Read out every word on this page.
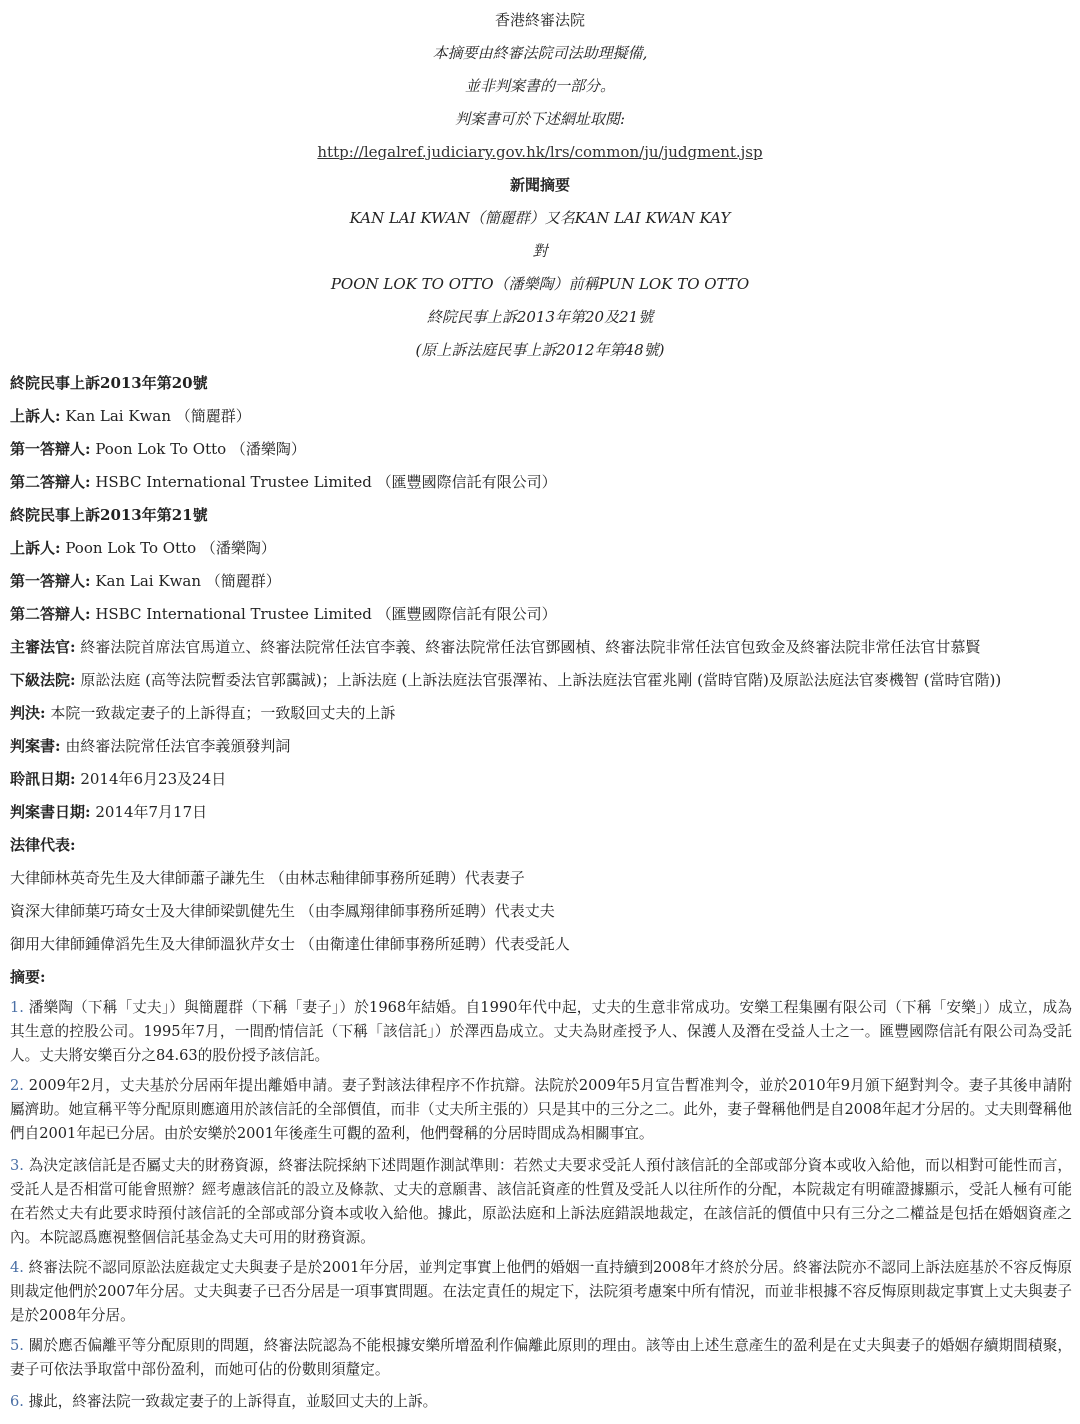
香港終審法院
本摘要由終審法院司法助理擬備,
並非判案書的一部分。
判案書可於下述網址取閱:
http://legalref.judiciary.gov.hk/lrs/common/ju/judgment.jsp
新聞摘要
KAN LAI KWAN（簡麗群）又名KAN LAI KWAN KAY
對
POON LOK TO OTTO（潘樂陶）前稱PUN LOK TO OTTO
終院民事上訴2013年第20及21號
(原上訴法庭民事上訴2012年第48號)
終院民事上訴2013年第20號
上訴人: Kan Lai Kwan （簡麗群）
第一答辯人: Poon Lok To Otto （潘樂陶）
第二答辯人: HSBC International Trustee Limited （匯豐國際信託有限公司）
終院民事上訴2013年第21號
上訴人: Poon Lok To Otto （潘樂陶）
第一答辯人: Kan Lai Kwan （簡麗群）
第二答辯人: HSBC International Trustee Limited （匯豐國際信託有限公司）
主審法官: 終審法院首席法官馬道立、終審法院常任法官李義、終審法院常任法官鄧國楨、終審法院非常任法官包致金及終審法院非常任法官甘慕賢
下級法院: 原訟法庭 (高等法院暫委法官郭靄誠)；上訴法庭 (上訴法庭法官張澤祐、上訴法庭法官霍兆剛 (當時官階)及原訟法庭法官麥機智 (當時官階))
判決: 本院一致裁定妻子的上訴得直；一致駁回丈夫的上訴
判案書: 由終審法院常任法官李義頒發判詞
聆訊日期: 2014年6月23及24日
判案書日期: 2014年7月17日
法律代表:
大律師林英奇先生及大律師蕭子謙先生 （由林志釉律師事務所延聘）代表妻子
資深大律師葉巧琦女士及大律師梁凱健先生 （由李鳳翔律師事務所延聘）代表丈夫
御用大律師鍾偉滔先生及大律師溫狄芹女士 （由衛達仕律師事務所延聘）代表受託人
摘要:
1. 潘樂陶（下稱「丈夫」）與簡麗群（下稱「妻子」）於1968年結婚。自1990年代中起，丈夫的生意非常成功。安樂工程集團有限公司（下稱「安樂」）成立，成為其生意的控股公司。1995年7月，一間酌情信託（下稱「該信託」）於澤西島成立。丈夫為財產授予人、保護人及潛在受益人士之一。匯豐國際信託有限公司為受託人。丈夫將安樂百分之84.63的股份授予該信託。
2. 2009年2月，丈夫基於分居兩年提出離婚申請。妻子對該法律程序不作抗辯。法院於2009年5月宣告暫准判令，並於2010年9月頒下絕對判令。妻子其後申請附屬濟助。她宣稱平等分配原則應適用於該信託的全部價值，而非（丈夫所主張的）只是其中的三分之二。此外，妻子聲稱他們是自2008年起才分居的。丈夫則聲稱他們自2001年起已分居。由於安樂於2001年後產生可觀的盈利，他們聲稱的分居時間成為相關事宜。
3. 為決定該信託是否屬丈夫的財務資源，終審法院採納下述問題作測試準則：若然丈夫要求受託人預付該信託的全部或部分資本或收入給他，而以相對可能性而言，受託人是否相當可能會照辦？經考慮該信託的設立及條款、丈夫的意願書、該信託資產的性質及受託人以往所作的分配，本院裁定有明確證據顯示，受託人極有可能在若然丈夫有此要求時預付該信託的全部或部分資本或收入給他。據此，原訟法庭和上訴法庭錯誤地裁定，在該信託的價值中只有三分之二權益是包括在婚姻資產之內。本院認爲應視整個信託基金為丈夫可用的財務資源。
4. 終審法院不認同原訟法庭裁定丈夫與妻子是於2001年分居，並判定事實上他們的婚姻一直持續到2008年才終於分居。終審法院亦不認同上訴法庭基於不容反悔原則裁定他們於2007年分居。丈夫與妻子已否分居是一項事實問題。在法定責任的規定下，法院須考慮案中所有情況，而並非根據不容反悔原則裁定事實上丈夫與妻子是於2008年分居。
5. 關於應否偏離平等分配原則的問題，終審法院認為不能根據安樂所增盈利作偏離此原則的理由。該等由上述生意產生的盈利是在丈夫與妻子的婚姻存續期間積聚，妻子可依法爭取當中部份盈利，而她可佔的份數則須釐定。
6. 據此，終審法院一致裁定妻子的上訴得直，並駁回丈夫的上訴。
